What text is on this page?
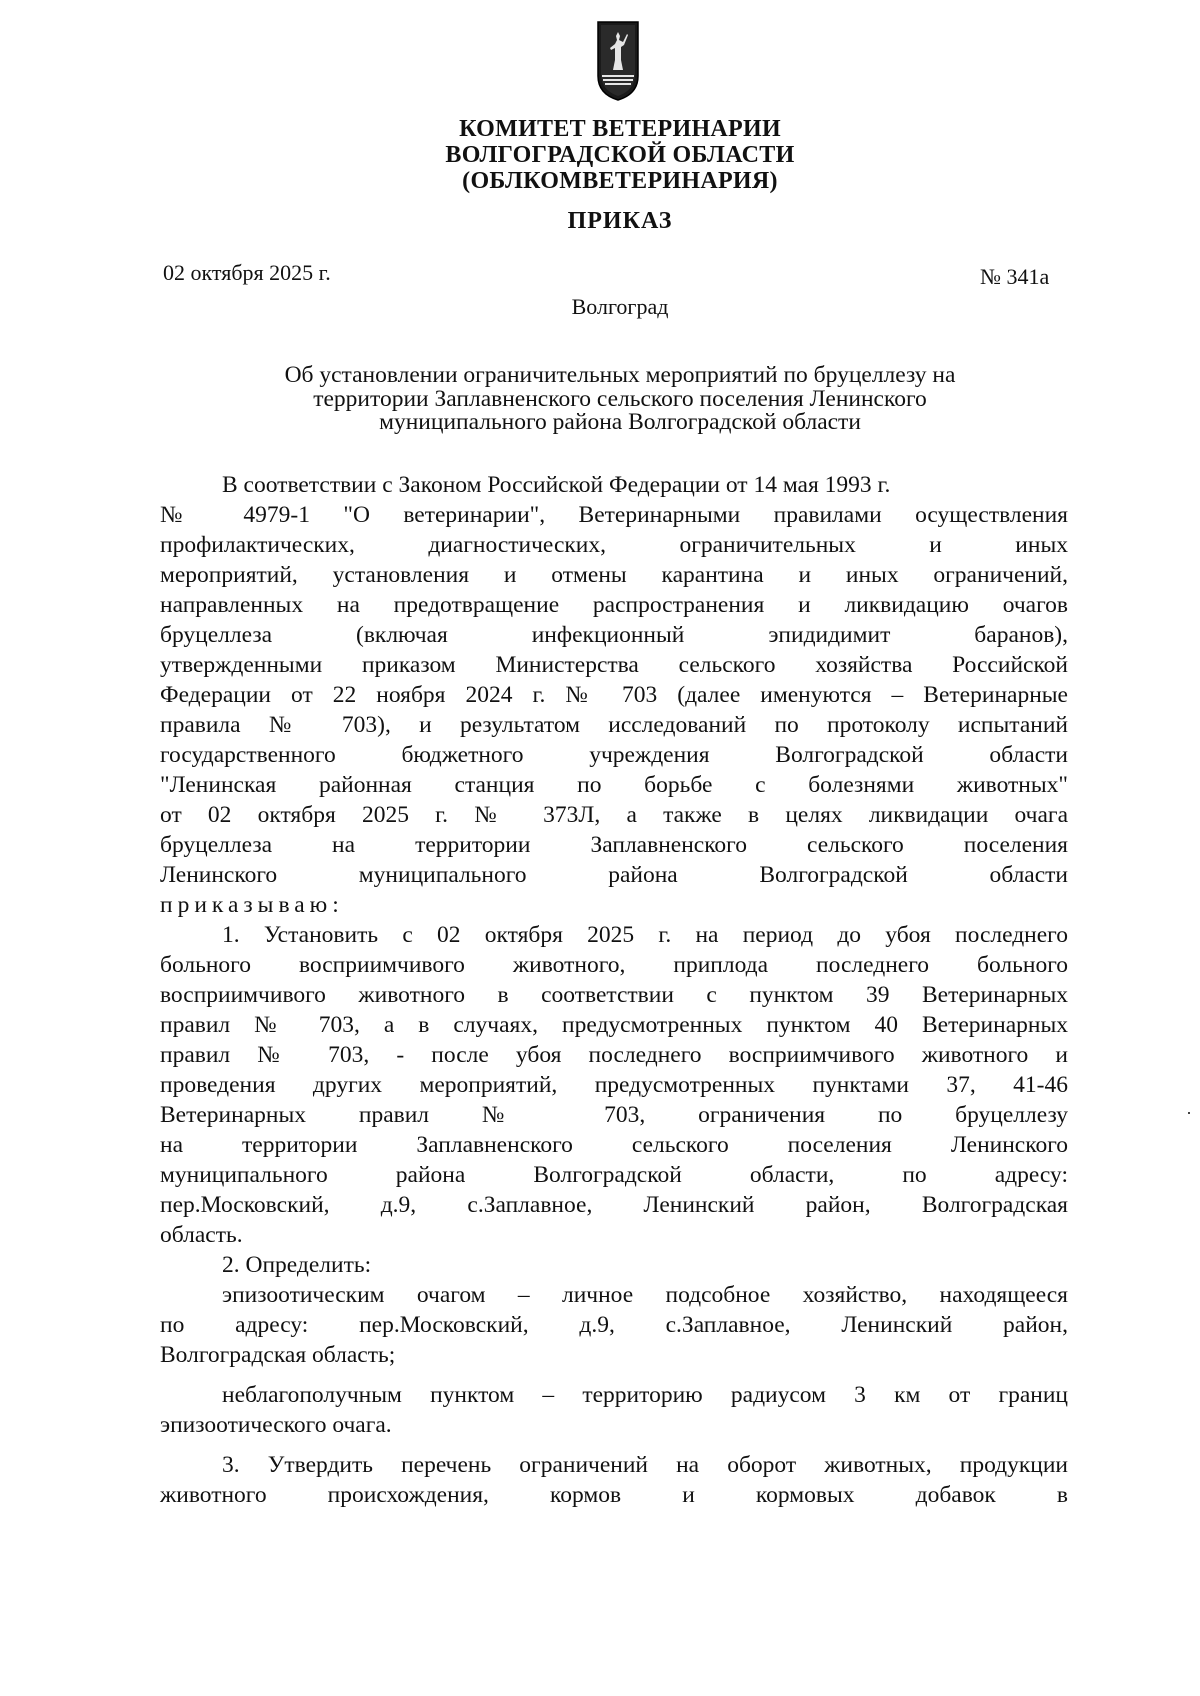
КОМИТЕТ ВЕТЕРИНАРИИ
ВОЛГОГРАДСКОЙ ОБЛАСТИ
(ОБЛКОМВЕТЕРИНАРИЯ)
ПРИКАЗ
02 октября 2025 г.	№ 341а
Волгоград
Об установлении ограничительных мероприятий по бруцеллезу на
территории Заплавненского сельского поселения Ленинского
муниципального района Волгоградской области
В соответствии с Законом Российской Федерации от 14 мая 1993 г.
№ 4979-1 "О ветеринарии", Ветеринарными правилами осуществления
профилактических, диагностических, ограничительных и иных
мероприятий, установления и отмены карантина и иных ограничений,
направленных на предотвращение распространения и ликвидацию очагов
бруцеллеза (включая инфекционный эпидидимит баранов),
утвержденными приказом Министерства сельского хозяйства Российской
Федерации от 22 ноября 2024 г. № 703 (далее именуются – Ветеринарные
правила № 703), и результатом исследований по протоколу испытаний
государственного бюджетного учреждения Волгоградской области
"Ленинская районная станция по борьбе с болезнями животных"
от 02 октября 2025 г. № 373Л, а также в целях ликвидации очага
бруцеллеза на территории Заплавненского сельского поселения
Ленинского муниципального района Волгоградской области
приказываю:
1. Установить с 02 октября 2025 г. на период до убоя последнего
больного восприимчивого животного, приплода последнего больного
восприимчивого животного в соответствии с пунктом 39 Ветеринарных
правил № 703, а в случаях, предусмотренных пунктом 40 Ветеринарных
правил № 703, - после убоя последнего восприимчивого животного и
проведения других мероприятий, предусмотренных пунктами 37, 41-46
Ветеринарных правил № 703, ограничения по бруцеллезу
на территории Заплавненского сельского поселения Ленинского
муниципального района Волгоградской области, по адресу:
пер.Московский, д.9, с.Заплавное, Ленинский район, Волгоградская
область.
2. Определить:
эпизоотическим очагом – личное подсобное хозяйство, находящееся
по адресу: пер.Московский, д.9, с.Заплавное, Ленинский район,
Волгоградская область;
неблагополучным пунктом – территорию радиусом 3 км от границ
эпизоотического очага.
3. Утвердить перечень ограничений на оборот животных, продукции
животного происхождения, кормов и кормовых добавок в
